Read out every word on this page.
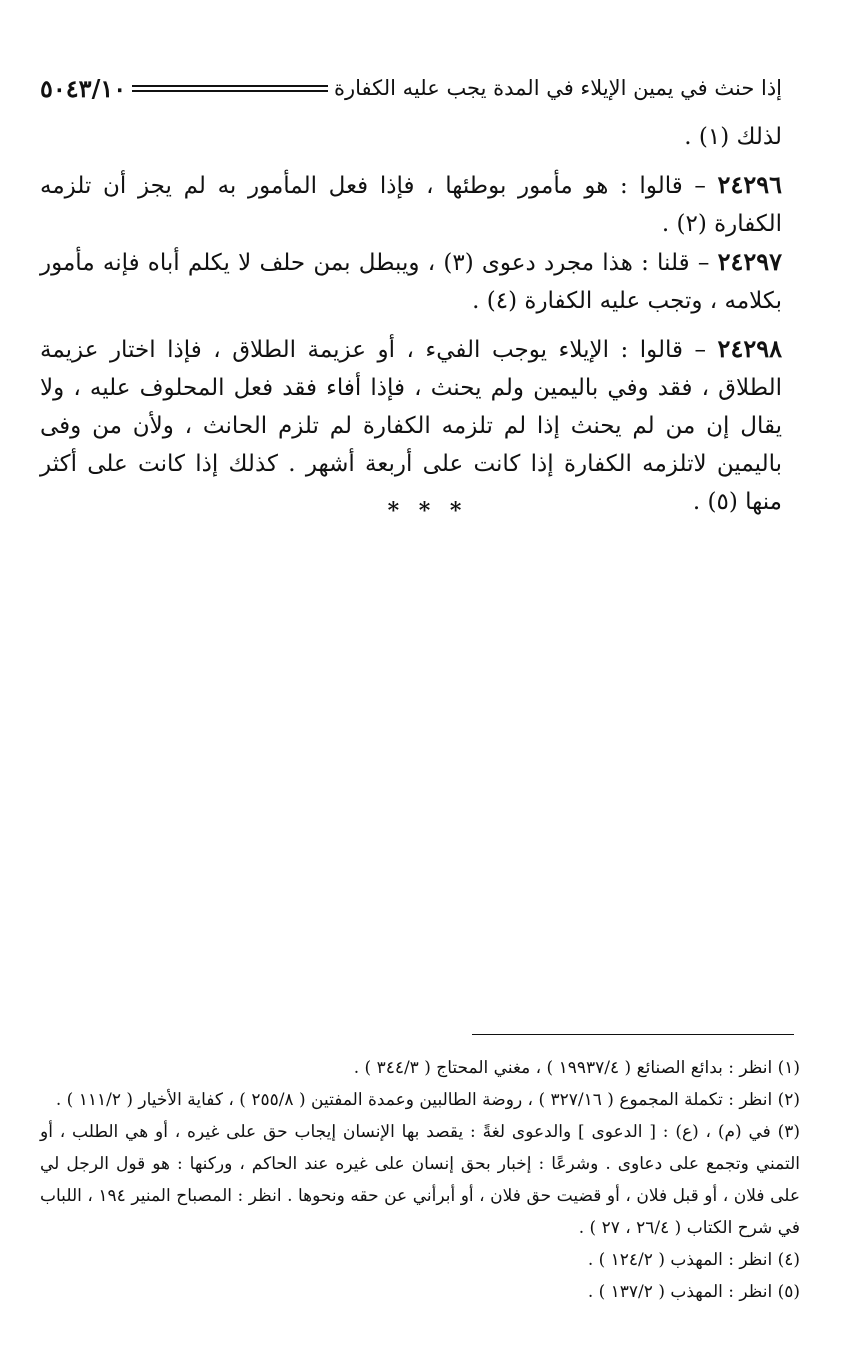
إذا حنث في يمين الإيلاء في المدة يجب عليه الكفارة
٥٠٤٣/١٠

لذلك (١) .

٢٤٢٩٦ – قالوا : هو مأمور بوطئها ، فإذا فعل المأمور به لم يجز أن تلزمه الكفارة (٢) .

٢٤٢٩٧ – قلنا : هذا مجرد دعوى (٣) ، ويبطل بمن حلف لا يكلم أباه فإنه مأمور بكلامه ، وتجب عليه الكفارة (٤) .

٢٤٢٩٨ – قالوا : الإيلاء يوجب الفيء ، أو عزيمة الطلاق ، فإذا اختار عزيمة الطلاق ، فقد وفي باليمين ولم يحنث ، فإذا أفاء فقد فعل المحلوف عليه ، ولا يقال إن من لم يحنث إذا لم تلزمه الكفارة لم تلزم الحانث ، ولأن من وفى باليمين لاتلزمه الكفارة إذا كانت على أربعة أشهر . كذلك إذا كانت على أكثر منها (٥) .

* * *

(١) انظر : بدائع الصنائع ( ١٩٩٣٧/٤ ) ، مغني المحتاج ( ٣٤٤/٣ ) .

(٢) انظر : تكملة المجموع ( ٣٢٧/١٦ ) ، روضة الطالبين وعمدة المفتين ( ٢٥٥/٨ ) ، كفاية الأخيار ( ١١١/٢ ) .

(٣) في (م) ، (ع) : [ الدعوى ] والدعوى لغةً : يقصد بها الإنسان إيجاب حق على غيره ، أو هي الطلب ، أو التمني وتجمع على دعاوى . وشرعًا : إخبار بحق إنسان على غيره عند الحاكم ، وركنها : هو قول الرجل لي على فلان ، أو قبل فلان ، أو قضيت حق فلان ، أو أبرأني عن حقه ونحوها . انظر : المصباح المنير ١٩٤ ، اللباب في شرح الكتاب ( ٢٦/٤ ، ٢٧ ) .

(٤) انظر : المهذب ( ١٢٤/٢ ) .

(٥) انظر : المهذب ( ١٣٧/٢ ) .
